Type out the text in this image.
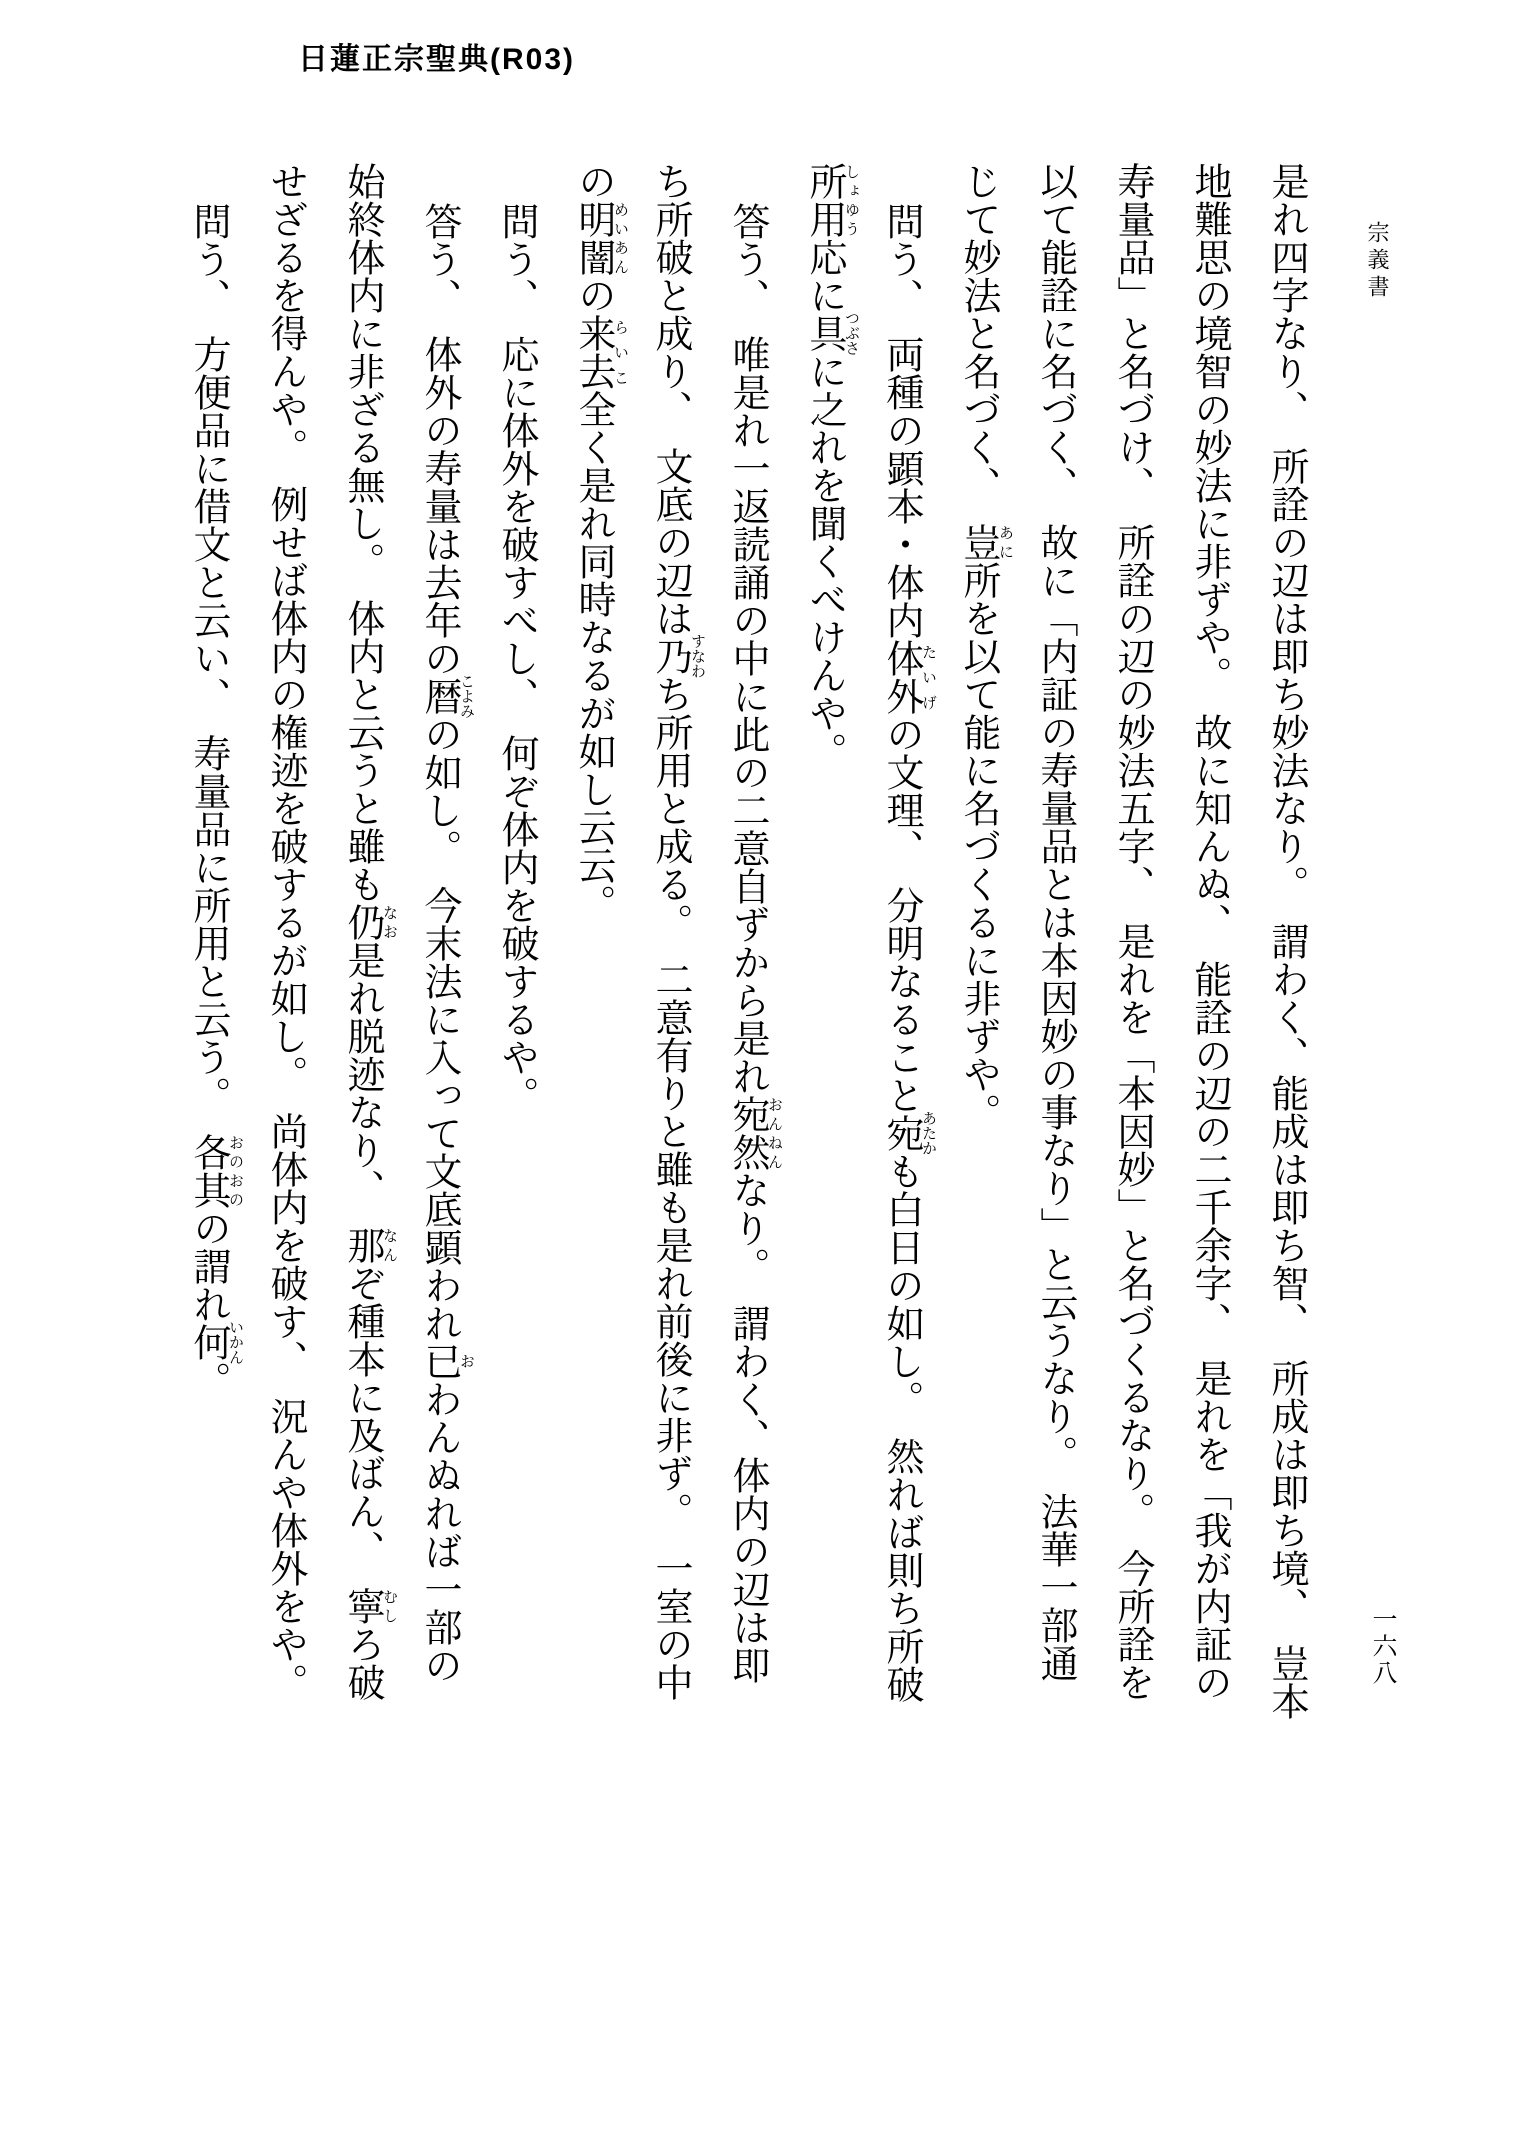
日蓮正宗聖典(R03)
宗義書

是れ四字なり、　所詮の辺は即ち妙法なり。　謂わく、能成は即ち智、　所成は即ち境、　豈本

地難思の境智の妙法に非ずや。　故に知んぬ、　能詮の辺の二千余字、　是れを「我が内証の

寿量品」と名づけ、　所詮の辺の妙法五字、　是れを「本因妙」と名づくるなり。　今所詮を

以て能詮に名づく、　故に「内証の寿量品とは本因妙の事なり」と云うなり。　法華一部通

じて妙法と名づく、　豈あに所を以て能に名づくるに非ずや。

問う、　両種の顕本・体内体外たいげの文理、　分明なること宛あたかも白日の如し。　然れば則ち所破

所用しょゆう応に具つぶさに之れを聞くべけんや。

答う、　唯是れ一返読誦の中に此の二意自ずから是れ宛然おんねんなり。　謂わく、体内の辺は即

ち所破と成り、　文底の辺は乃すなわち所用と成る。　二意有りと雖も是れ前後に非ず。　一室の中

の明闇めいあんの来去らいこ全く是れ同時なるが如し云云。

問う、　応に体外を破すべし、　何ぞ体内を破するや。

答う、　体外の寿量は去年の暦こよみの如し。　今末法に入って文底顕われ已おわんぬれば一部の

始終体内に非ざる無し。　体内と云うと雖も仍なお是れ脱迹なり、　那なんぞ種本に及ばん、　寧むしろ破

せざるを得んや。　例せば体内の権迹を破するが如し。　尚体内を破す、　況んや体外をや。

問う、　方便品に借文と云い、　寿量品に所用と云う。　各其おのおのの謂れ何いかん。

一六八
